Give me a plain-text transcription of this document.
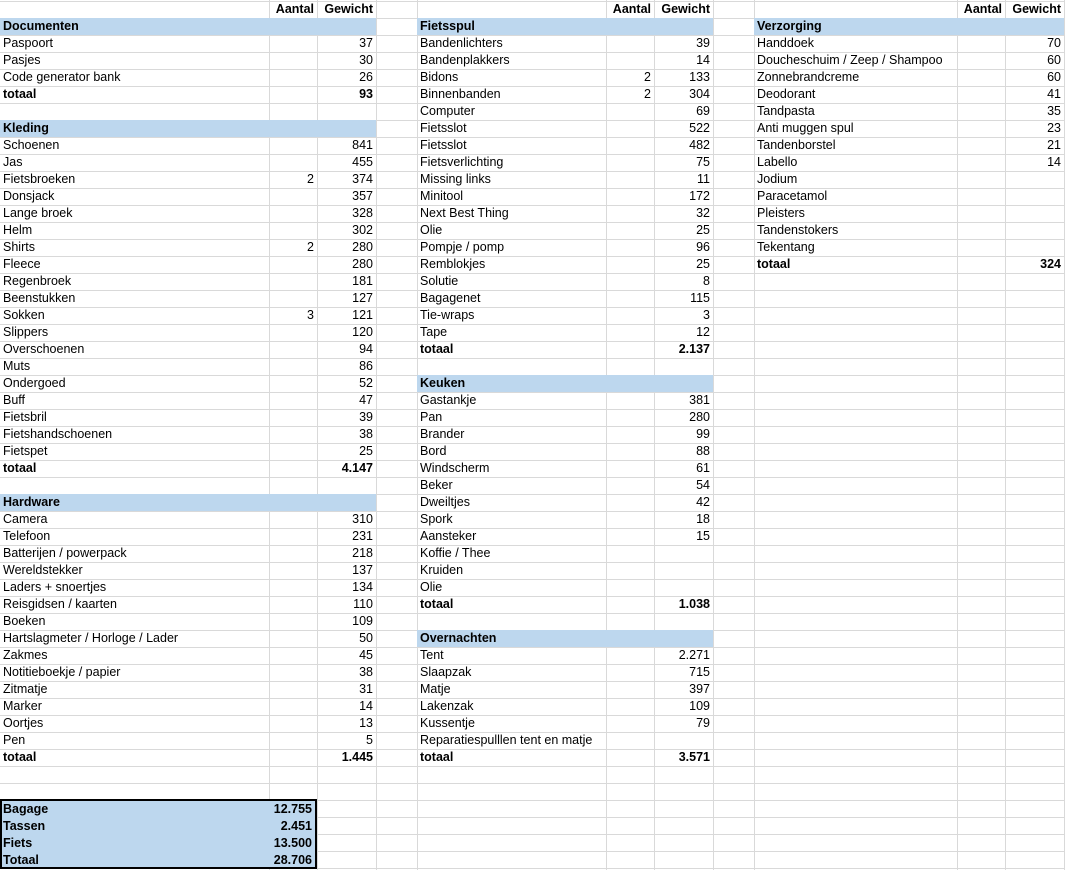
Aantal Gewicht
Documenten
Paspoort	37
Pasjes	30
Code generator bank	26
totaal	93
Kleding
Schoenen	841
Jas	455
Fietsbroeken	2	374
Donsjack	357
Lange broek	328
Helm	302
Shirts	2	280
Fleece	280
Regenbroek	181
Beenstukken	127
Sokken	3	121
Slippers	120
Overschoenen	94
Muts	86
Ondergoed	52
Buff	47
Fietsbril	39
Fietshandschoenen	38
Fietspet	25
totaal	4.147
Hardware
Camera	310
Telefoon	231
Batterijen / powerpack	218
Wereldstekker	137
Laders + snoertjes	134
Reisgidsen / kaarten	110
Boeken	109
Hartslagmeter / Horloge / Lader	50
Zakmes	45
Notitieboekje / papier	38
Zitmatje	31
Marker	14
Oortjes	13
Pen	5
totaal	1.445
Aantal Gewicht
Fietsspul
Bandenlichters	39
Bandenplakkers	14
Bidons	2	133
Binnenbanden	2	304
Computer	69
Fietsslot	522
Fietsslot	482
Fietsverlichting	75
Missing links	11
Minitool	172
Next Best Thing	32
Olie	25
Pompje / pomp	96
Remblokjes	25
Solutie	8
Bagagenet	115
Tie-wraps	3
Tape	12
totaal	2.137
Keuken
Gastankje	381
Pan	280
Brander	99
Bord	88
Windscherm	61
Beker	54
Dweiltjes	42
Spork	18
Aansteker	15
Koffie / Thee
Kruiden
Olie
totaal	1.038
Overnachten
Tent	2.271
Slaapzak	715
Matje	397
Lakenzak	109
Kussentje	79
Reparatiespulllen tent en matje
totaal	3.571
Aantal Gewicht
Verzorging
Handdoek	70
Doucheschuim / Zeep / Shampoo	60
Zonnebrandcreme	60
Deodorant	41
Tandpasta	35
Anti muggen spul	23
Tandenborstel	21
Labello	14
Jodium
Paracetamol
Pleisters
Tandenstokers
Tekentang
totaal	324
Bagage	12.755
Tassen	2.451
Fiets	13.500
Totaal	28.706
